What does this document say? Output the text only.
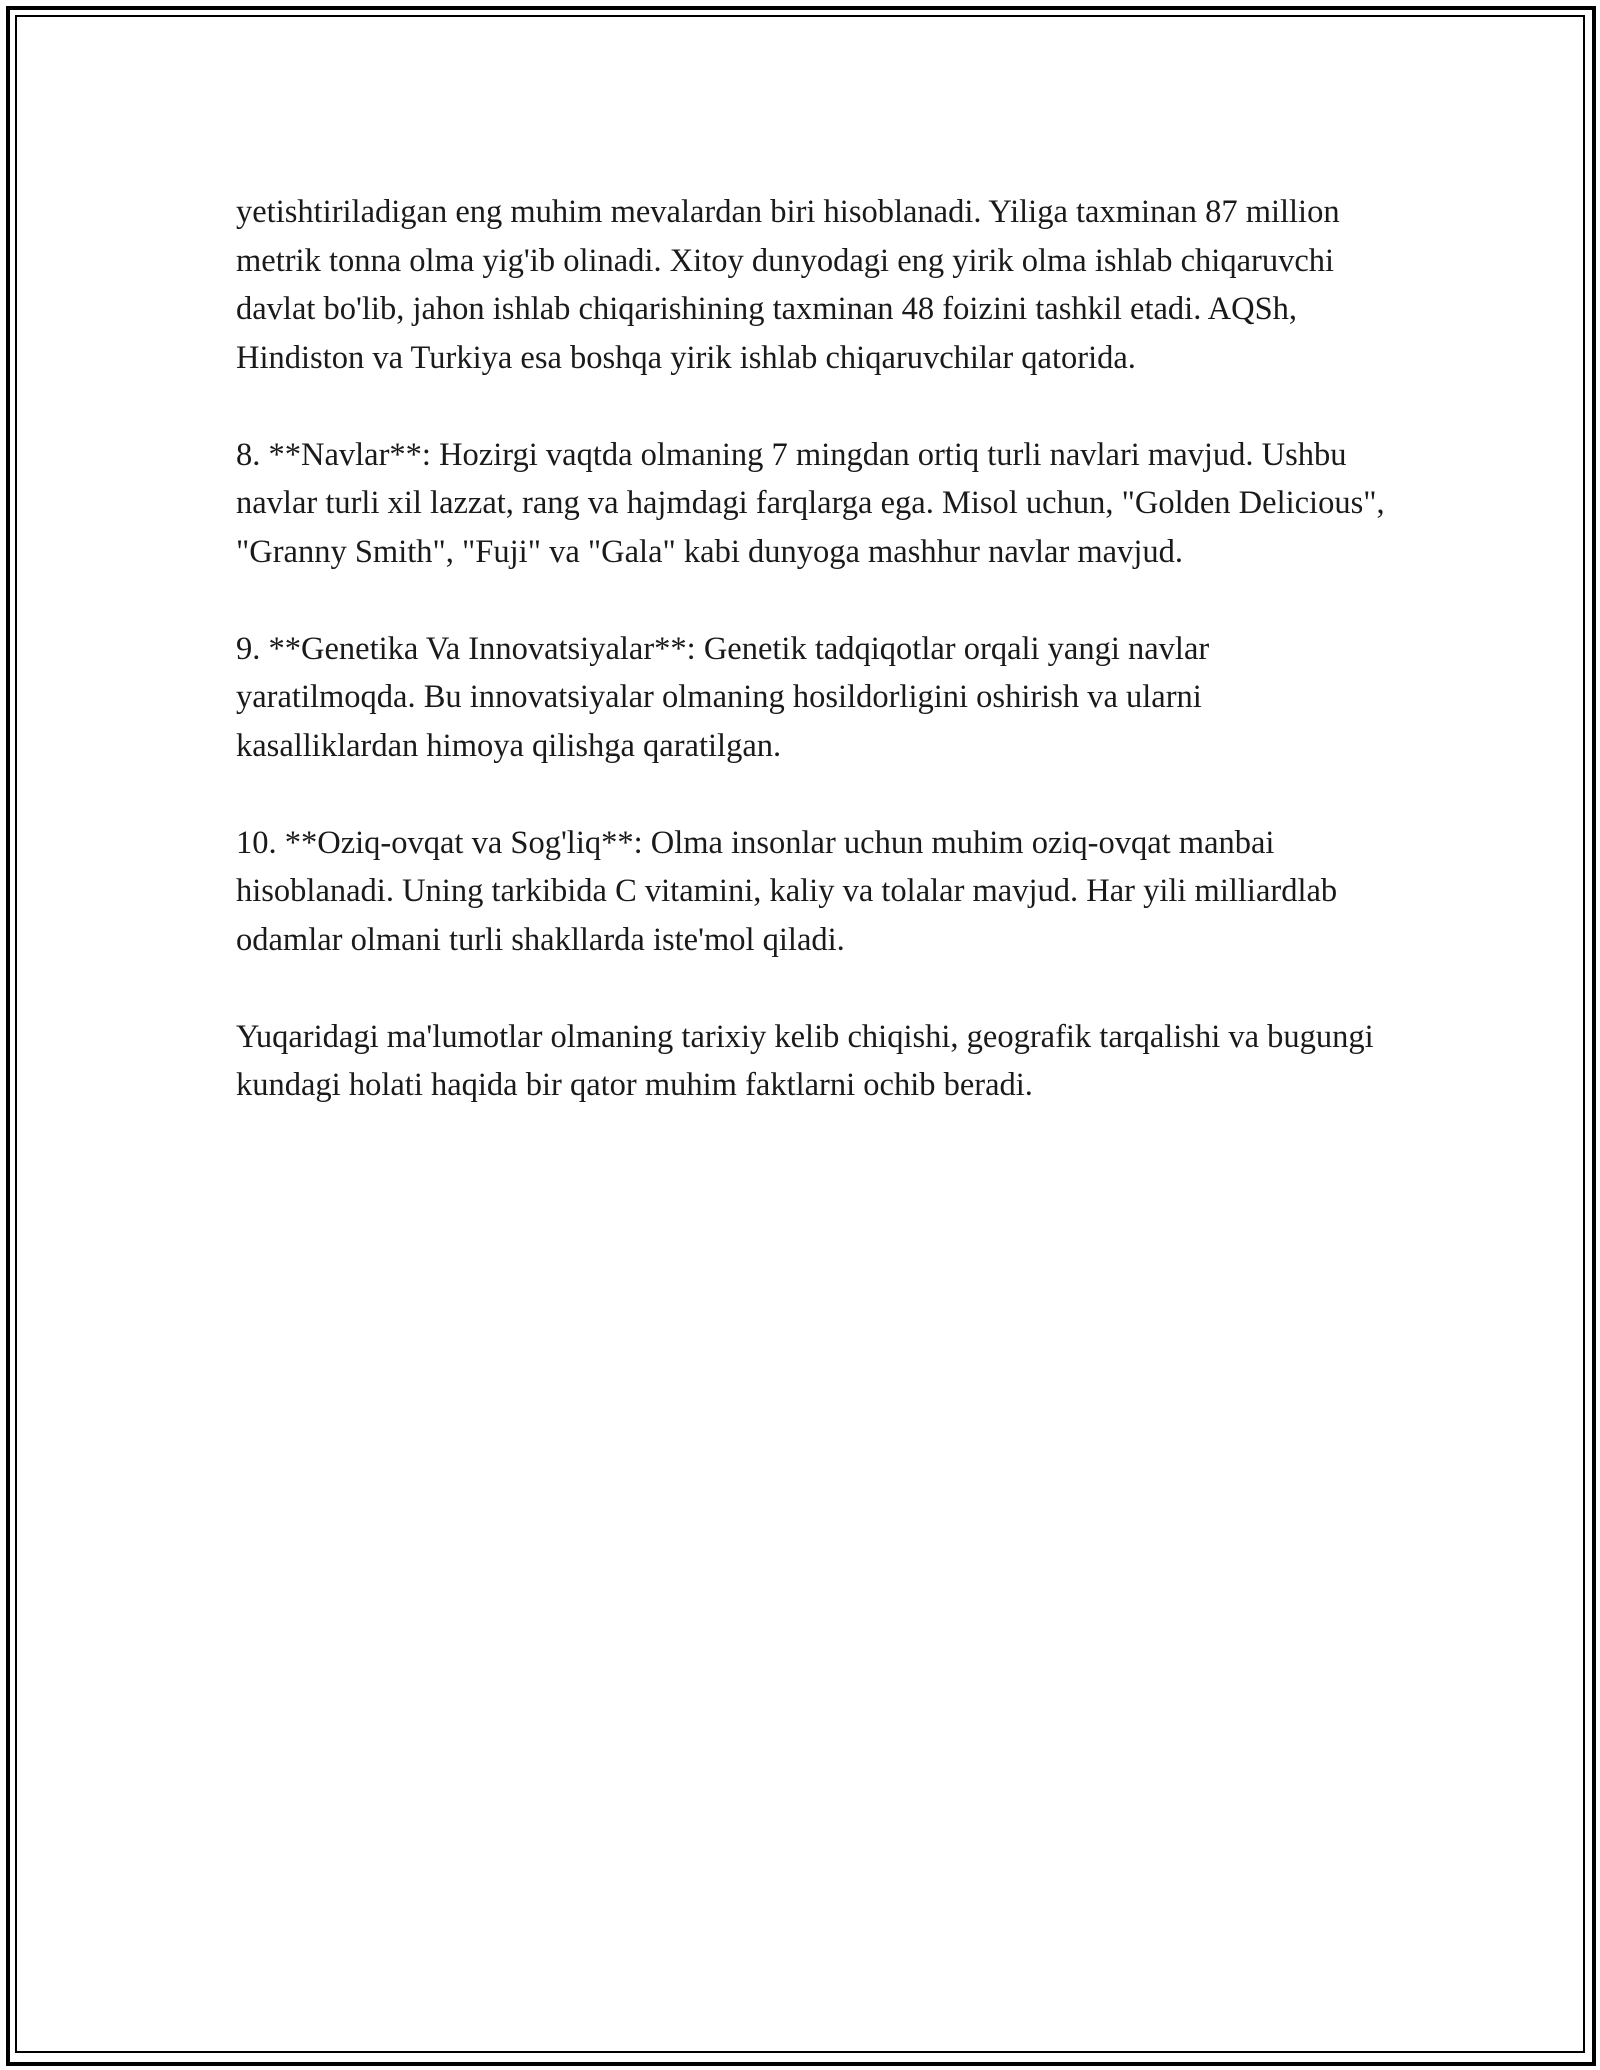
yetishtiriladigan eng muhim mevalardan biri hisoblanadi. Yiliga taxminan 87 million metrik tonna olma yig'ib olinadi. Xitoy dunyodagi eng yirik olma ishlab chiqaruvchi davlat bo'lib, jahon ishlab chiqarishining taxminan 48 foizini tashkil etadi. AQSh, Hindiston va Turkiya esa boshqa yirik ishlab chiqaruvchilar qatorida.

8. **Navlar**: Hozirgi vaqtda olmaning 7 mingdan ortiq turli navlari mavjud. Ushbu navlar turli xil lazzat, rang va hajmdagi farqlarga ega. Misol uchun, "Golden Delicious", "Granny Smith", "Fuji" va "Gala" kabi dunyoga mashhur navlar mavjud.

9. **Genetika Va Innovatsiyalar**: Genetik tadqiqotlar orqali yangi navlar yaratilmoqda. Bu innovatsiyalar olmaning hosildorligini oshirish va ularni kasalliklardan himoya qilishga qaratilgan.

10. **Oziq-ovqat va Sog'liq**: Olma insonlar uchun muhim oziq-ovqat manbai hisoblanadi. Uning tarkibida C vitamini, kaliy va tolalar mavjud. Har yili milliardlab odamlar olmani turli shakllarda iste'mol qiladi.

Yuqaridagi ma'lumotlar olmaning tarixiy kelib chiqishi, geografik tarqalishi va bugungi kundagi holati haqida bir qator muhim faktlarni ochib beradi.
